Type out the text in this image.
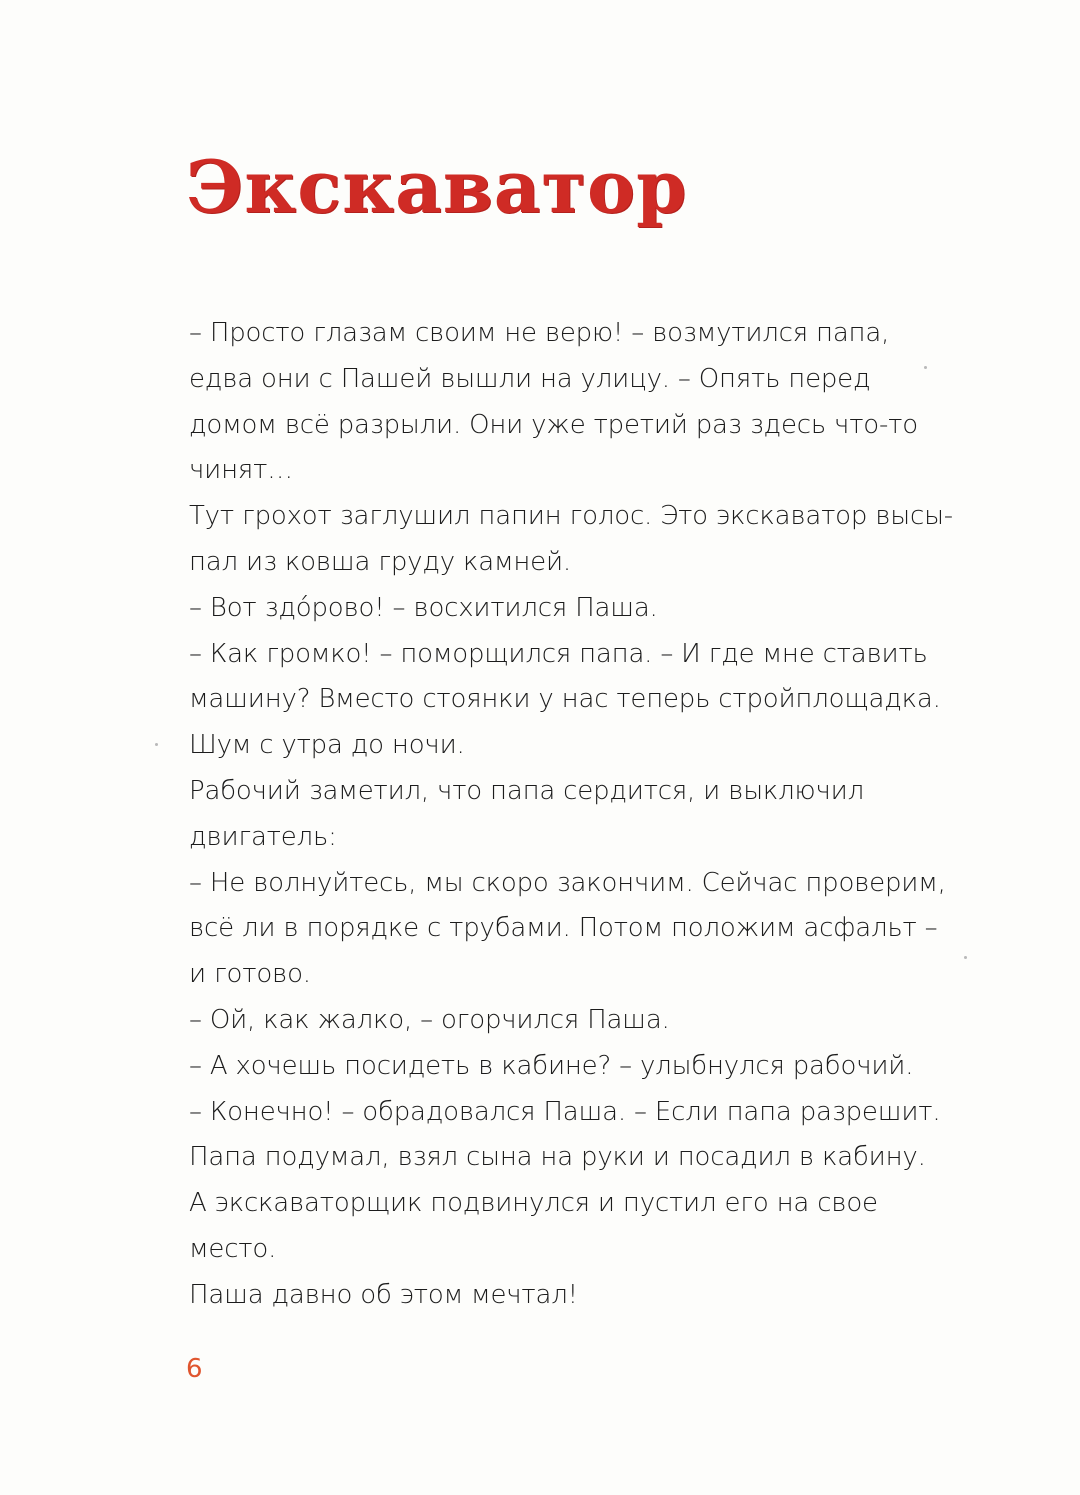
Экскаватор
– Просто глазам своим не верю! – возмутился папа,
едва они с Пашей вышли на улицу. – Опять перед
домом всё разрыли. Они уже третий раз здесь что-то
чинят…
Тут грохот заглушил папин голос. Это экскаватор высы-
пал из ковша груду камней.
– Вот здóрово! – восхитился Паша.
– Как громко! – поморщился папа. – И где мне ставить
машину? Вместо стоянки у нас теперь стройплощадка.
Шум с утра до ночи.
Рабочий заметил, что папа сердится, и выключил
двигатель:
– Не волнуйтесь, мы скоро закончим. Сейчас проверим,
всё ли в порядке с трубами. Потом положим асфальт –
и готово.
– Ой, как жалко, – огорчился Паша.
– А хочешь посидеть в кабине? – улыбнулся рабочий.
– Конечно! – обрадовался Паша. – Если папа разрешит.
Папа подумал, взял сына на руки и посадил в кабину.
А экскаваторщик подвинулся и пустил его на свое
место.
Паша давно об этом мечтал!
6
